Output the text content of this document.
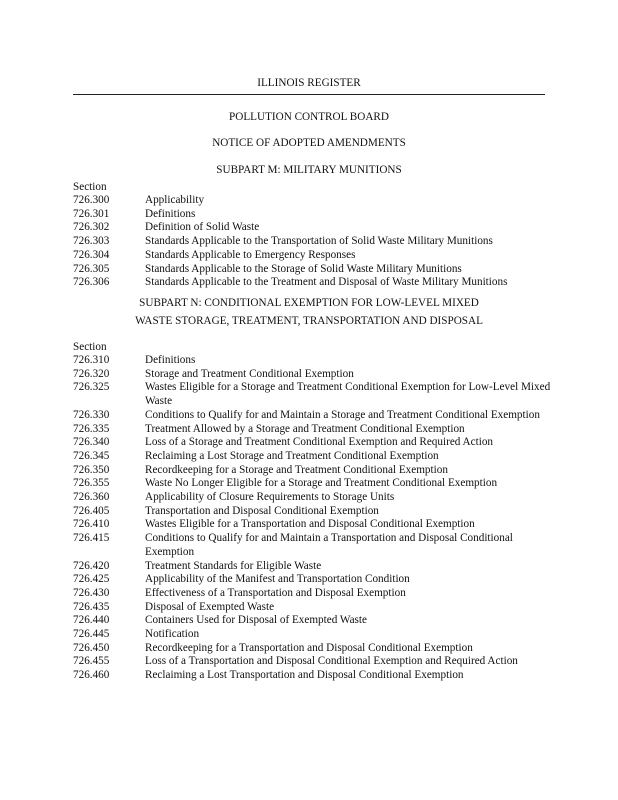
ILLINOIS REGISTER
POLLUTION CONTROL BOARD
NOTICE OF ADOPTED AMENDMENTS
SUBPART M: MILITARY MUNITIONS
Section
726.300	Applicability
726.301	Definitions
726.302	Definition of Solid Waste
726.303	Standards Applicable to the Transportation of Solid Waste Military Munitions
726.304	Standards Applicable to Emergency Responses
726.305	Standards Applicable to the Storage of Solid Waste Military Munitions
726.306	Standards Applicable to the Treatment and Disposal of Waste Military Munitions
SUBPART N: CONDITIONAL EXEMPTION FOR LOW-LEVEL MIXED
WASTE STORAGE, TREATMENT, TRANSPORTATION AND DISPOSAL
Section
726.310	Definitions
726.320	Storage and Treatment Conditional Exemption
726.325	Wastes Eligible for a Storage and Treatment Conditional Exemption for Low-Level Mixed Waste
726.330	Conditions to Qualify for and Maintain a Storage and Treatment Conditional Exemption
726.335	Treatment Allowed by a Storage and Treatment Conditional Exemption
726.340	Loss of a Storage and Treatment Conditional Exemption and Required Action
726.345	Reclaiming a Lost Storage and Treatment Conditional Exemption
726.350	Recordkeeping for a Storage and Treatment Conditional Exemption
726.355	Waste No Longer Eligible for a Storage and Treatment Conditional Exemption
726.360	Applicability of Closure Requirements to Storage Units
726.405	Transportation and Disposal Conditional Exemption
726.410	Wastes Eligible for a Transportation and Disposal Conditional Exemption
726.415	Conditions to Qualify for and Maintain a Transportation and Disposal Conditional Exemption
726.420	Treatment Standards for Eligible Waste
726.425	Applicability of the Manifest and Transportation Condition
726.430	Effectiveness of a Transportation and Disposal Exemption
726.435	Disposal of Exempted Waste
726.440	Containers Used for Disposal of Exempted Waste
726.445	Notification
726.450	Recordkeeping for a Transportation and Disposal Conditional Exemption
726.455	Loss of a Transportation and Disposal Conditional Exemption and Required Action
726.460	Reclaiming a Lost Transportation and Disposal Conditional Exemption
